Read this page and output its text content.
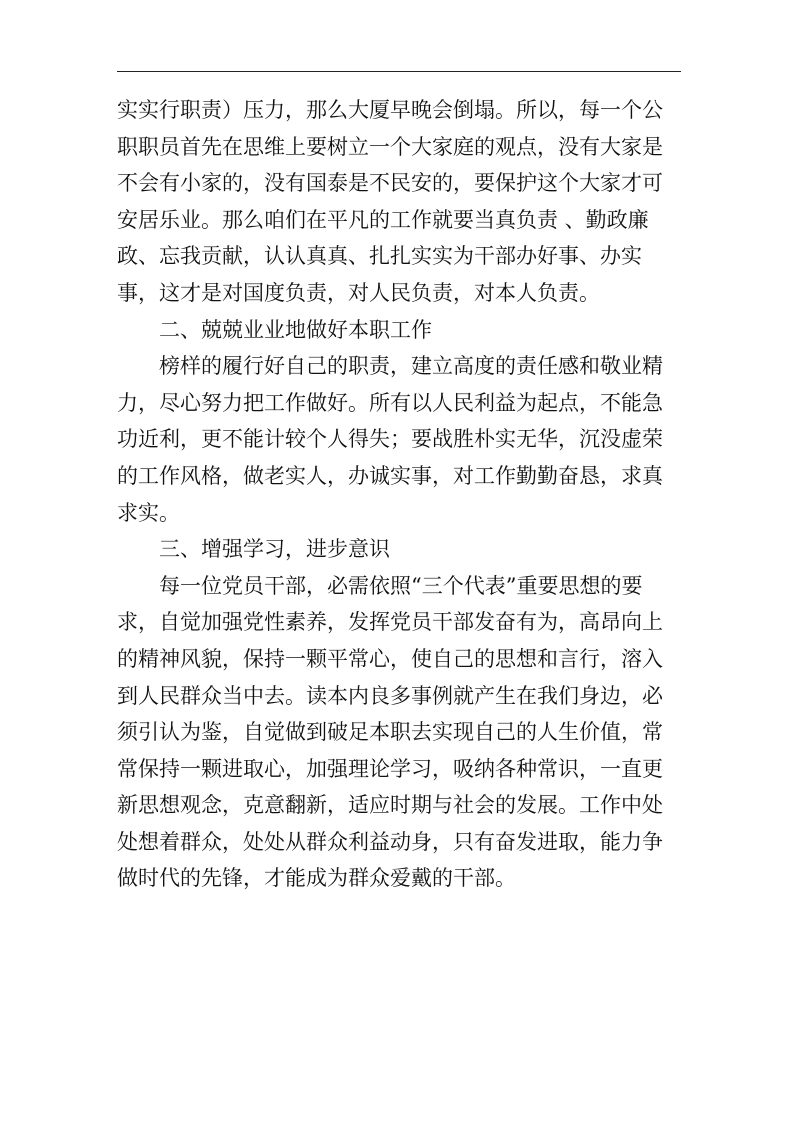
实实行职责）压力，那么大厦早晚会倒塌。所以，每一个公职职员首先在思维上要树立一个大家庭的观点，没有大家是不会有小家的，没有国泰是不民安的，要保护这个大家才可安居乐业。那么咱们在平凡的工作就要当真负责 、勤政廉政、忘我贡献，认认真真、扎扎实实为干部办好事、办实事，这才是对国度负责，对人民负责，对本人负责。

二、兢兢业业地做好本职工作

榜样的履行好自己的职责，建立高度的责任感和敬业精力，尽心努力把工作做好。所有以人民利益为起点，不能急功近利，更不能计较个人得失；要战胜朴实无华，沉没虚荣的工作风格，做老实人，办诚实事，对工作勤勤奋恳，求真求实。

三、增强学习，进步意识

每一位党员干部，必需依照“三个代表”重要思想的要求，自觉加强党性素养，发挥党员干部发奋有为，高昂向上的精神风貌，保持一颗平常心，使自己的思想和言行，溶入到人民群众当中去。读本内良多事例就产生在我们身边，必须引认为鉴，自觉做到破足本职去实现自己的人生价值，常常保持一颗进取心，加强理论学习，吸纳各种常识，一直更新思想观念，克意翻新，适应时期与社会的发展。工作中处处想着群众，处处从群众利益动身，只有奋发进取，能力争做时代的先锋，才能成为群众爱戴的干部。
